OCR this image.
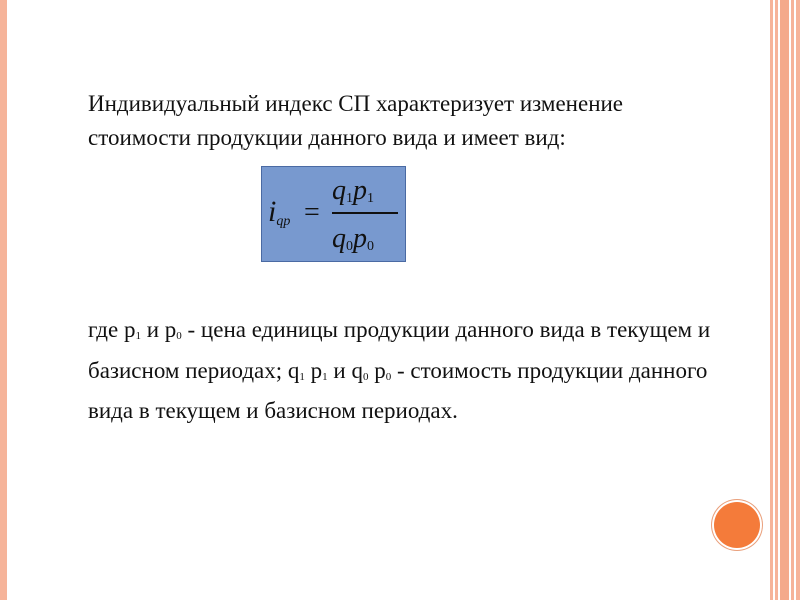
Индивидуальный индекс СП характеризует изменение стоимости продукции данного вида и имеет вид:

$i_{qp}$ =
$q_1p_1$
$q_0p_0$

где р1 и р0 - цена единицы продукции данного вида в текущем и базисном периодах; q1 р1 и q0 р0 - стоимость продукции данного вида в текущем и базисном периодах.
